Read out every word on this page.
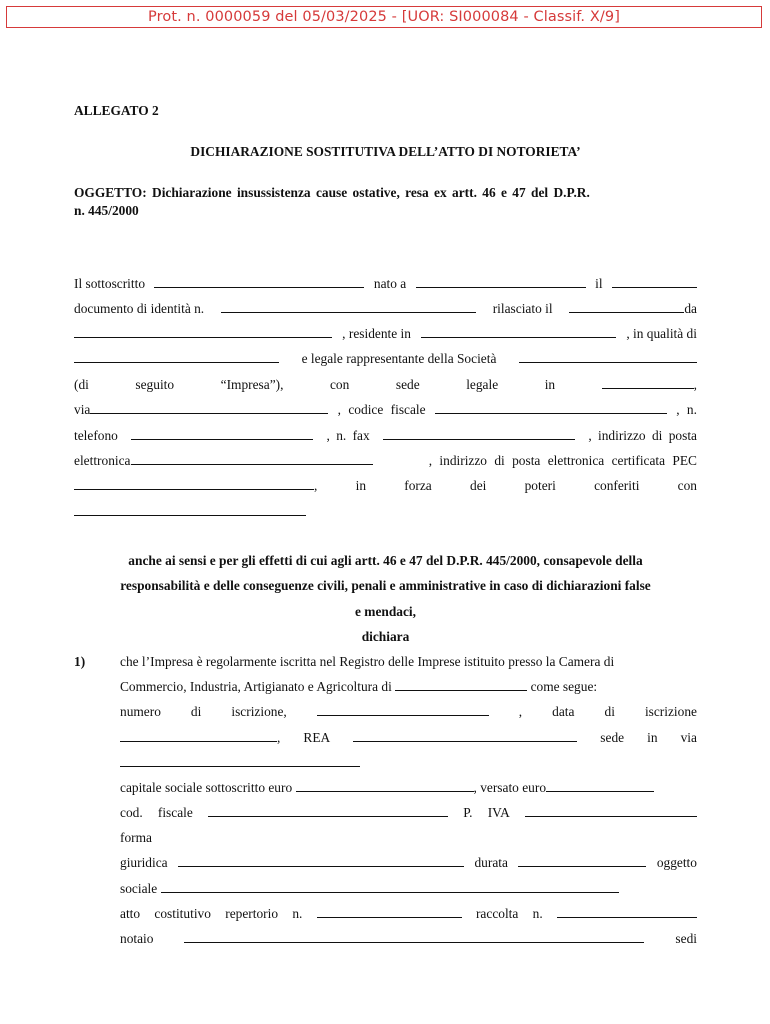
Prot. n. 0000059 del 05/03/2025 - [UOR: SI000084 - Classif. X/9]
ALLEGATO 2
DICHIARAZIONE SOSTITUTIVA DELL’ATTO DI NOTORIETA’
OGGETTO: Dichiarazione insussistenza cause ostative, resa ex artt. 46 e 47 del D.P.R.
n. 445/2000
Il sottoscritto	nato a	il
documento di identità n.	rilasciato il	da
, residente in	, in qualità di
e legale rappresentante della Società
(di	seguito	“Impresa”),	con	sede	legale	in	,
via	, codice fiscale	, n.
telefono	, n. fax	, indirizzo di posta
elettronica	, indirizzo di posta elettronica certificata PEC
,	in	forza	dei	poteri	conferiti	con
anche ai sensi e per gli effetti di cui agli artt. 46 e 47 del D.P.R. 445/2000, consapevole della
responsabilità e delle conseguenze civili, penali e amministrative in caso di dichiarazioni false
e mendaci,
dichiara
1)	che l’Impresa è regolarmente iscritta nel Registro delle Imprese istituito presso la Camera di
Commercio, Industria, Artigianato e Agricoltura di	come segue:
numero di iscrizione,	, data di iscrizione
, REA	sede in via
capitale sociale sottoscritto euro	, versato euro
cod. fiscale	P. IVA
forma
giuridica	durata	oggetto
sociale
atto costitutivo repertorio n.	raccolta n.
notaio	sedi
